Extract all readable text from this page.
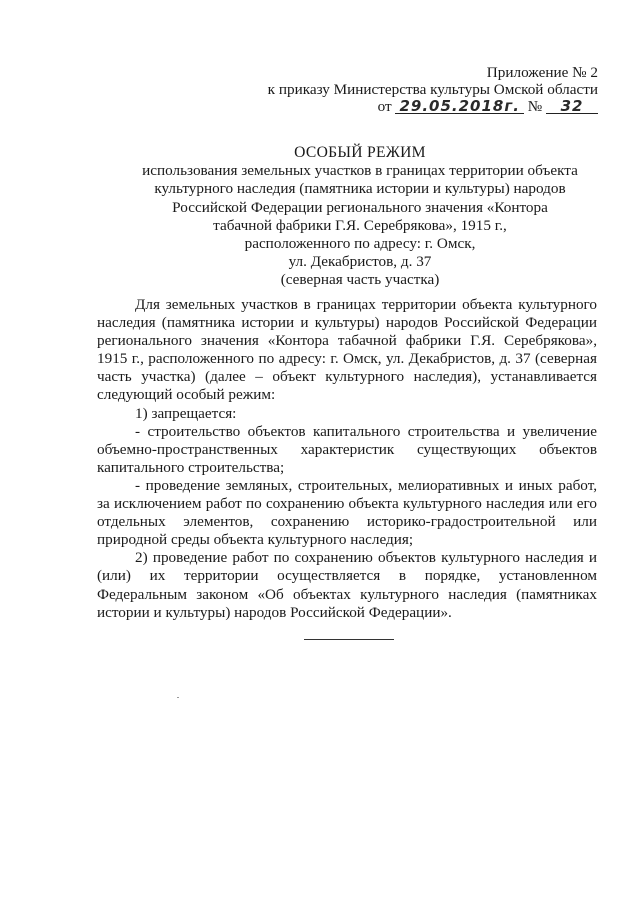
Приложение № 2
к приказу Министерства культуры Омской области
от 29.05.2018г. № 32
ОСОБЫЙ РЕЖИМ
использования земельных участков в границах территории объекта
культурного наследия (памятника истории и культуры) народов
Российской Федерации регионального значения «Контора
табачной фабрики Г.Я. Серебрякова», 1915 г.,
расположенного по адресу: г. Омск,
ул. Декабристов, д. 37
(северная часть участка)

Для земельных участков в границах территории объекта культурного наследия (памятника истории и культуры) народов Российской Федерации регионального значения «Контора табачной фабрики Г.Я. Серебрякова», 1915 г., расположенного по адресу: г. Омск, ул. Декабристов, д. 37 (северная часть участка) (далее – объект культурного наследия), устанавливается следующий особый режим:

1) запрещается:

- строительство объектов капитального строительства и увеличение объемно-пространственных характеристик существующих объектов капитального строительства;

- проведение земляных, строительных, мелиоративных и иных работ, за исключением работ по сохранению объекта культурного наследия или его отдельных элементов, сохранению историко-градостроительной или природной среды объекта культурного наследия;

2) проведение работ по сохранению объектов культурного наследия и (или) их территории осуществляется в порядке, установленном Федеральным законом «Об объектах культурного наследия (памятниках истории и культуры) народов Российской Федерации».
